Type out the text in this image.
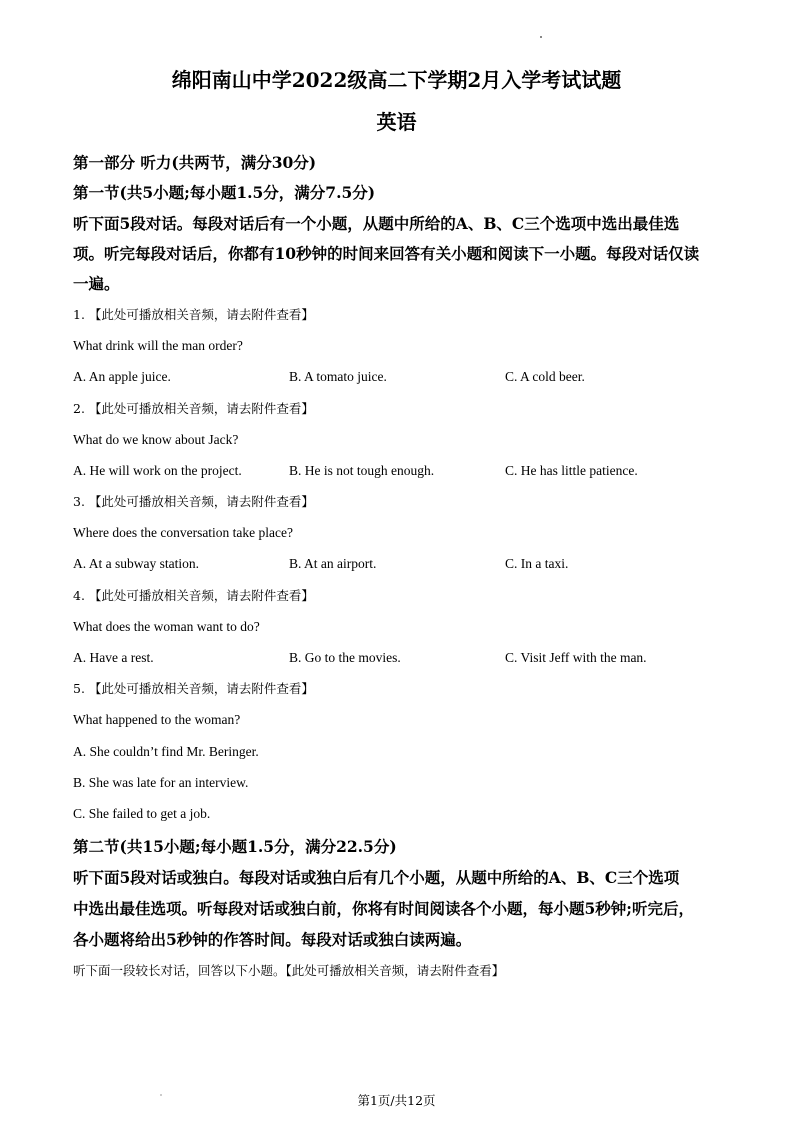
绵阳南山中学2022级高二下学期2月入学考试试题
英语
第一部分 听力(共两节，满分30分)
第一节(共5小题;每小题1.5分，满分7.5分)
听下面5段对话。每段对话后有一个小题，从题中所给的A、B、C三个选项中选出最佳选
项。听完每段对话后，你都有10秒钟的时间来回答有关小题和阅读下一小题。每段对话仅读
一遍。
1. 【此处可播放相关音频，请去附件查看】
What drink will the man order?
A. An apple juice.	B. A tomato juice.	C. A cold beer.
2. 【此处可播放相关音频，请去附件查看】
What do we know about Jack?
A. He will work on the project.	B. He is not tough enough.	C. He has little patience.
3. 【此处可播放相关音频，请去附件查看】
Where does the conversation take place?
A. At a subway station.	B. At an airport.	C. In a taxi.
4. 【此处可播放相关音频，请去附件查看】
What does the woman want to do?
A. Have a rest.	B. Go to the movies.	C. Visit Jeff with the man.
5. 【此处可播放相关音频，请去附件查看】
What happened to the woman?
A. She couldn’t find Mr. Beringer.
B. She was late for an interview.
C. She failed to get a job.
第二节(共15小题;每小题1.5分，满分22.5分)
听下面5段对话或独白。每段对话或独白后有几个小题，从题中所给的A、B、C三个选项
中选出最佳选项。听每段对话或独白前，你将有时间阅读各个小题，每小题5秒钟;听完后，
各小题将给出5秒钟的作答时间。每段对话或独白读两遍。
听下面一段较长对话，回答以下小题。【此处可播放相关音频，请去附件查看】
第1页/共12页
